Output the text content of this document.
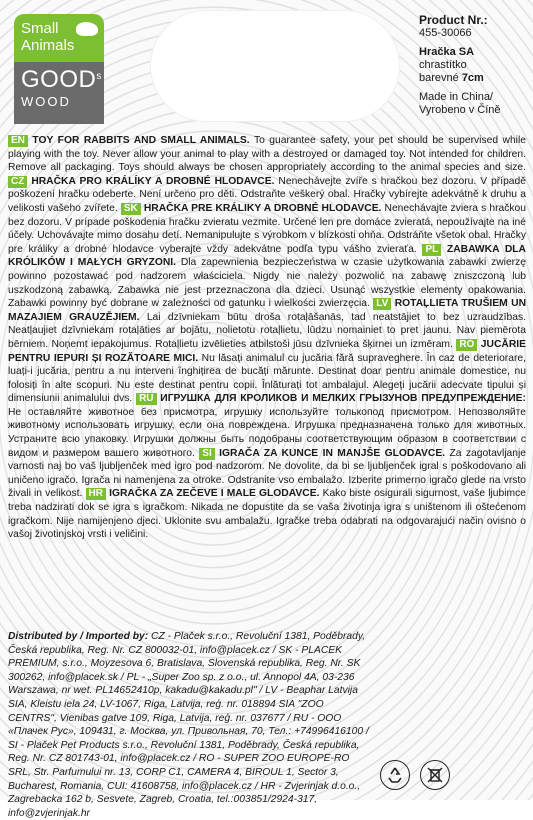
Small
Animals
GOOD$^s$
WOOD
Product Nr.:
455-30066
Hračka SA
chrastítko
barevné 7cm
Made in China/
Vyrobeno v Číně

EN TOY FOR RABBITS AND SMALL ANIMALS. To guarantee safety, your pet should be supervised while playing with the toy. Never allow your animal to play with a destroyed or damaged toy. Not intended for children. Remove all packaging. Toys should always be chosen appropriately according to the animal species and size. CZ HRAČKA PRO KRÁLÍKY A DROBNÉ HLODAVCE. Nenechávejte zvíře s hračkou bez dozoru. V případě poškození hračku odeberte. Není určeno pro děti. Odstraňte veškerý obal. Hračky vybírejte adekvátně k druhu a velikosti vašeho zvířete. SK HRAČKA PRE KRÁLIKY A DROBNÉ HLODAVCE. Nenechávajte zviera s hračkou bez dozoru. V prípade poškodenia hračku zvieratu vezmite. Určené len pre domáce zvieratá, nepoužívajte na iné účely. Uchovávajte mimo dosahu detí. Nemanipulujte s výrobkom v blízkosti ohňa. Odstráňte všetok obal. Hračky pre králiky a drobné hlodavce vyberajte vždy adekvátne podľa typu vášho zvieraťa. PL ZABAWKA DLA KRÓLIKÓW I MAŁYCH GRYZONI. Dla zapewnienia bezpieczeństwa w czasie użytkowania zabawki zwierzę powinno pozostawać pod nadzorem właściciela. Nigdy nie należy pozwolić na zabawę zniszczoną lub uszkodzoną zabawką. Zabawka nie jest przeznaczona dla dzieci. Usunąć wszystkie elementy opakowania. Zabawki powinny być dobrane w zależności od gatunku i wielkości zwierzęcia. LV ROTAĻLIETA TRUŠIEM UN MAZAJIEM GRAUZĒJIEM. Lai dzīvniekam būtu droša rotaļāšanās, tad neatstājiet to bez uzraudzības. Neatļaujiet dzīvniekam rotaļāties ar bojātu, nolietotu rotaļlietu, lūdzu nomainiet to pret jaunu. Nav piemērota bērniem. Noņemt iepakojumus. Rotaļlietu izvēlieties atbilstoši jūsu dzīvnieka šķirnei un izmēram. RO JUCĂRIE PENTRU IEPURI ȘI ROZĂTOARE MICI. Nu lăsați animalul cu jucăria fără supraveghere. În caz de deteriorare, luați-i jucăria, pentru a nu interveni înghițirea de bucăți mărunte. Destinat doar pentru animale domestice, nu folosiți în alte scopuri. Nu este destinat pentru copii. Înlăturați tot ambalajul. Alegeți jucării adecvate tipului și dimensiunii animalului dvs. RU ИГРУШКА ДЛЯ КРОЛИКОВ И МЕЛКИХ ГРЫЗУНОВ ПРЕДУПРЕЖДЕНИЕ: Не оставляйте животное без присмотра, игрушку используйте толькопод присмотром. Непозволяйте животному использовать игрушку, если она повреждена. Игрушка предназначена только для животных. Устраните всю упаковку. Игрушки должны быть подобраны соответствующим образом в соответствии с видом и размером вашего животного. SI IGRAČA ZA KUNCE IN MANJŠE GLODAVCE. Za zagotavljanje varnosti naj bo vaš ljubljenček med igro pod nadzorom. Ne dovolite, da bi se ljubljenček igral s poškodovano ali uničeno igračo. Igrača ni namenjena za otroke. Odstranite vso embalažo. Izberite primerno igračo glede na vrsto živali in velikost. HR IGRAČKA ZA ZEČEVE I MALE GLODAVCE. Kako biste osigurali sigurnost, vaše ljubimce treba nadzirati dok se igra s igračkom. Nikada ne dopustite da se vaša životinja igra s uništenom ili oštećenom igračkom. Nije namijenjeno djeci. Uklonite svu ambalažu. Igračke treba odabrati na odgovarajući način ovisno o vašoj životinjskoj vrsti i veličini.

Distributed by / Imported by: CZ - Plaček s.r.o., Revoluční 1381, Poděbrady, Česká republika, Reg. Nr. CZ 800032-01, info@placek.cz / SK - PLACEK PREMIUM, s.r.o., Moyzesova 6, Bratislava, Slovenská republika, Reg. Nr. SK 300262, info@placek.sk / PL - „Super Zoo sp. z o.o., ul. Annopol 4A, 03-236 Warszawa, nr wet. PL14652410p, kakadu@kakadu.pl" / LV - Beaphar Latvija SIA, Kleistu iela 24, LV-1067, Riga, Latvija, reģ. nr. 018894 SIA "ZOO CENTRS", Vienibas gatve 109, Riga, Latvija, reģ. nr. 037677 / RU - ООО «Плачек Рус», 109431, г. Москва, ул. Привольная, 70, Тел.: +74996416100 / SI - Plaček Pet Products s.r.o., Revoluční 1381, Poděbrady, Česká republika, Reg. Nr. CZ 801743-01, info@placek.cz / RO - SUPER ZOO EUROPE-RO SRL, Str. Parfumului nr. 13, CORP C1, CAMERA 4, BIROUL 1, Sector 3, Bucharest, Romania, CUI: 41608758, info@placek.cz / HR - Zvjerinjak d.o.o., Zagrebacka 162 b, Sesvete, Zagreb, Croatia, tel.:003851/2924-317, info@zvjerinjak.hr
